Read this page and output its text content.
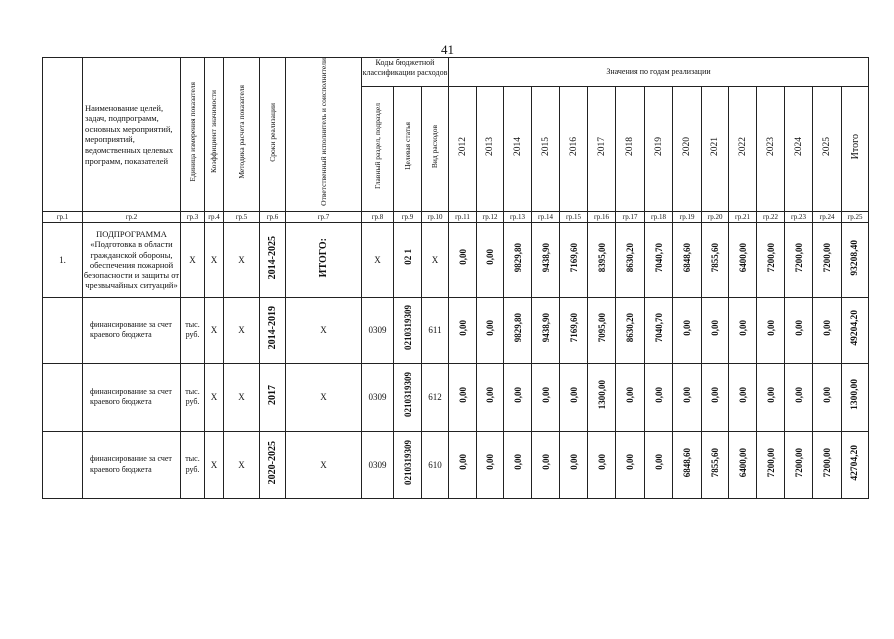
41
	Наименование целей, задач, подпрограмм, основных мероприятий, мероприятий, ведомственных целевых программ, показателей	Единица измерения показателя	Коэффициент значимости	Методика расчета показателя	Сроки реализации	Ответственный исполнитель и соисполнители	Коды бюджетной классификации расходов			Значения по годам реализации														
							Главный раздел, подраздел	Целевая статья	Вид расходов	2012	2013	2014	2015	2016	2017	2018	2019	2020	2021	2022	2023	2024	2025	Итого
гр.1	гр.2	гр.3	гр.4	гр.5	гр.6	гр.7	гр.8	гр.9	гр.10	гр.11	гр.12	гр.13	гр.14	гр.15	гр.16	гр.17	гр.18	гр.19	гр.20	гр.21	гр.22	гр.23	гр.24	гр.25
1.	ПОДПРОГРАММА «Подготовка в области гражданской обороны, обеспечения пожарной безопасности и защиты от чрезвычайных ситуаций»	Х	Х	Х	2014-2025	ИТОГО:	Х	02 1	Х	0,00	0,00	9829,80	9438,90	7169,60	8395,00	8630,20	7040,70	6848,60	7855,60	6400,00	7200,00	7200,00	7200,00	93208,40
	финансирование за счет краевого бюджета	тыс. руб.	Х	Х	2014-2019	Х	0309	0210319309	611	0,00	0,00	9829,80	9438,90	7169,60	7095,00	8630,20	7040,70	0,00	0,00	0,00	0,00	0,00	0,00	49204,20
	финансирование за счет краевого бюджета	тыс. руб.	Х	Х	2017	Х	0309	0210319309	612	0,00	0,00	0,00	0,00	0,00	1300,00	0,00	0,00	0,00	0,00	0,00	0,00	0,00	0,00	1300,00
	финансирование за счет краевого бюджета	тыс. руб.	Х	Х	2020-2025	Х	0309	0210319309	610	0,00	0,00	0,00	0,00	0,00	0,00	0,00	0,00	6848,60	7855,60	6400,00	7200,00	7200,00	7200,00	42704,20
